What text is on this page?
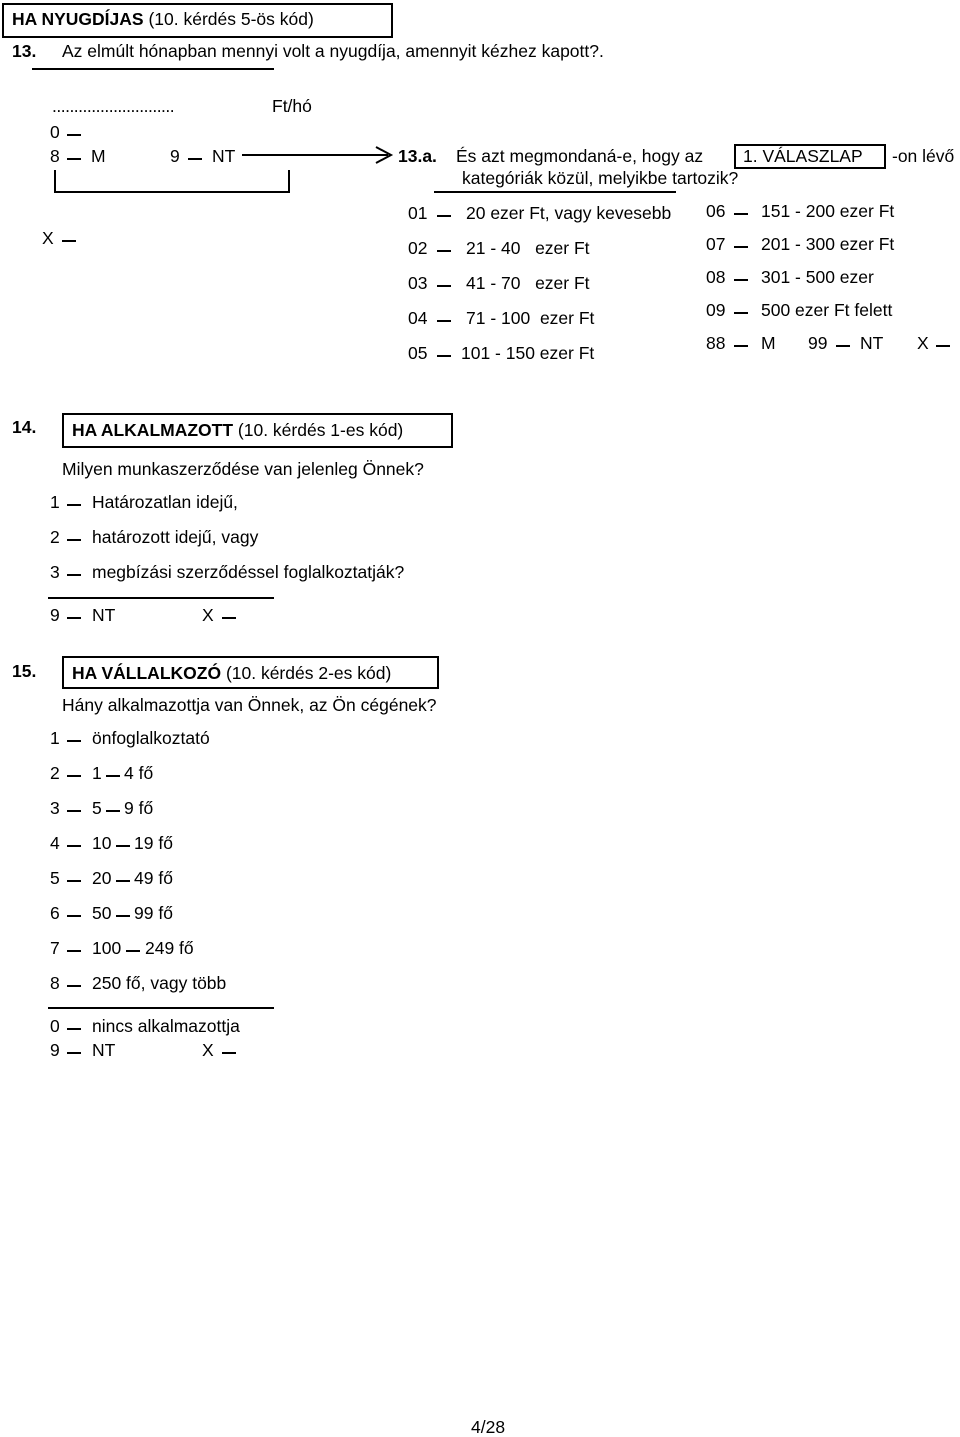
HA NYUGDÍJAS (10. kérdés 5-ös kód)
13. Az elmúlt hónapban mennyi volt a nyugdíja, amennyit kézhez kapott?.
............................	Ft/hó
0
8 M	9 NT
X
13.a. És azt megmondaná-e, hogy az 1. VÁLASZLAP -on lévő
kategóriák közül, melyikbe tartozik?
01 20 ezer Ft, vagy kevesebb
02 21 - 40   ezer Ft
03 41 - 70   ezer Ft
04 71 - 100  ezer Ft
05 101 - 150 ezer Ft
06 151 - 200 ezer Ft
07 201 - 300 ezer Ft
08 301 - 500 ezer
09 500 ezer Ft felett
88 M 99 NT X
14. HA ALKALMAZOTT (10. kérdés 1-es kód)
Milyen munkaszerződése van jelenleg Önnek?
1 Határozatlan idejű,
2 határozott idejű, vagy
3 megbízási szerződéssel foglalkoztatják?
9 NT	X
15. HA VÁLLALKOZÓ (10. kérdés 2-es kód)
Hány alkalmazottja van Önnek, az Ön cégének?
1 önfoglalkoztató
2 1 4 fő
3 5 9 fő
4 10 19 fő
5 20 49 fő
6 50 99 fő
7 100 249 fő
8 250 fő, vagy több
0 nincs alkalmazottja
9 NT	X
4/28
